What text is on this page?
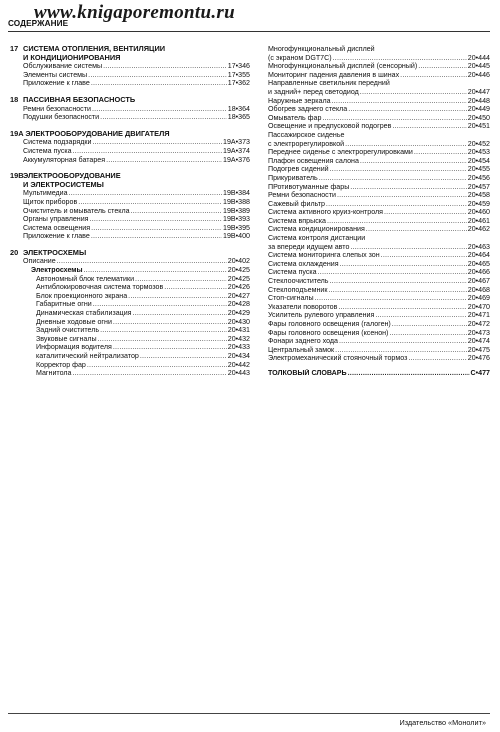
www.knigaporemontu.ru
СОДЕРЖАНИЕ
17 СИСТЕМА ОТОПЛЕНИЯ, ВЕНТИЛЯЦИИ
И КОНДИЦИОНИРОВАНИЯ
Обслуживание системы .....	17•346
Элементы системы .....	17•355
Приложение к главе .....	17•362
18 ПАССИВНАЯ БЕЗОПАСНОСТЬ
Ремни безопасности .....	18•364
Подушки безопасности .....	18•365
19A ЭЛЕКТРООБОРУДОВАНИЕ ДВИГАТЕЛЯ
Система подзарядки .....	19A•373
Система пуска .....	19A•374
Аккумуляторная батарея .....	19A•376
19B ЭЛЕКТРООБОРУДОВАНИЕ
И ЭЛЕКТРОСИСТЕМЫ
Мультимедиа .....	19B•384
Щиток приборов .....	19B•388
Очиститель и омыватель стекла .....	19B•389
Органы управления .....	19B•393
Система освещения .....	19B•395
Приложение к главе .....	19B•400
20 ЭЛЕКТРОСХЕМЫ
Описание .....	20•402
Электросхемы .....	20•425
Автономный блок телематики .....	20•425
Антиблокировочная система тормозов .....	20•426
Блок проекционного экрана .....	20•427
Габаритные огни .....	20•428
Динамическая стабилизация .....	20•429
Дневные ходовые огни .....	20•430
Задний очиститель .....	20•431
Звуковые сигналы .....	20•432
Информация водителя .....	20•433
каталитический нейтрализатор .....	20•434
Корректор фар .....	20•442
Магнитола .....	20•443
Многофункциональный дисплей
(с экраном DGT7C) .....	20•444
Многофункциональный дисплей (сенсорный) .....	20•445
Мониторинг падения давления в шинах .....	20•446
Направленные светильник передний
и задний+ перед светодиод .....	20•447
Наружные зеркала .....	20•448
Обогрев заднего стекла .....	20•449
Омыватель фар .....	20•450
Освещение и предпусковой подогрев .....	20•451
Пассажирское сиденье
с электрорегулировкой .....	20•452
Переднее сиденье с электрорегулировками .....	20•453
Плафон освещения салона .....	20•454
Подогрев сидений .....	20•455
Прикуриватель .....	20•456
ПРотивотуманные фары .....	20•457
Ремни безопасности .....	20•458
Сажевый фильтр .....	20•459
Система активного круиз-контроля .....	20•460
Система впрыска .....	20•461
Система кондиционирования .....	20•462
Система контроля дистанции
за впереди идущем авто .....	20•463
Система мониторинга слепых зон .....	20•464
Система охлаждения .....	20•465
Система пуска .....	20•466
Стеклоочиститель .....	20•467
Стеклоподъемник .....	20•468
Стоп-сигналы .....	20•469
Указатели поворотов .....	20•470
Усилитель рулевого управления .....	20•471
Фары головного освещения (галоген) .....	20•472
Фары головного освещения (ксенон) .....	20•473
Фонари заднего хода .....	20•474
Центральный замок .....	20•475
Электромеханический стояночный тормоз .....	20•476
ТОЛКОВЫЙ СЛОВАРЬ .....	С•477
Издательство «Монолит»
